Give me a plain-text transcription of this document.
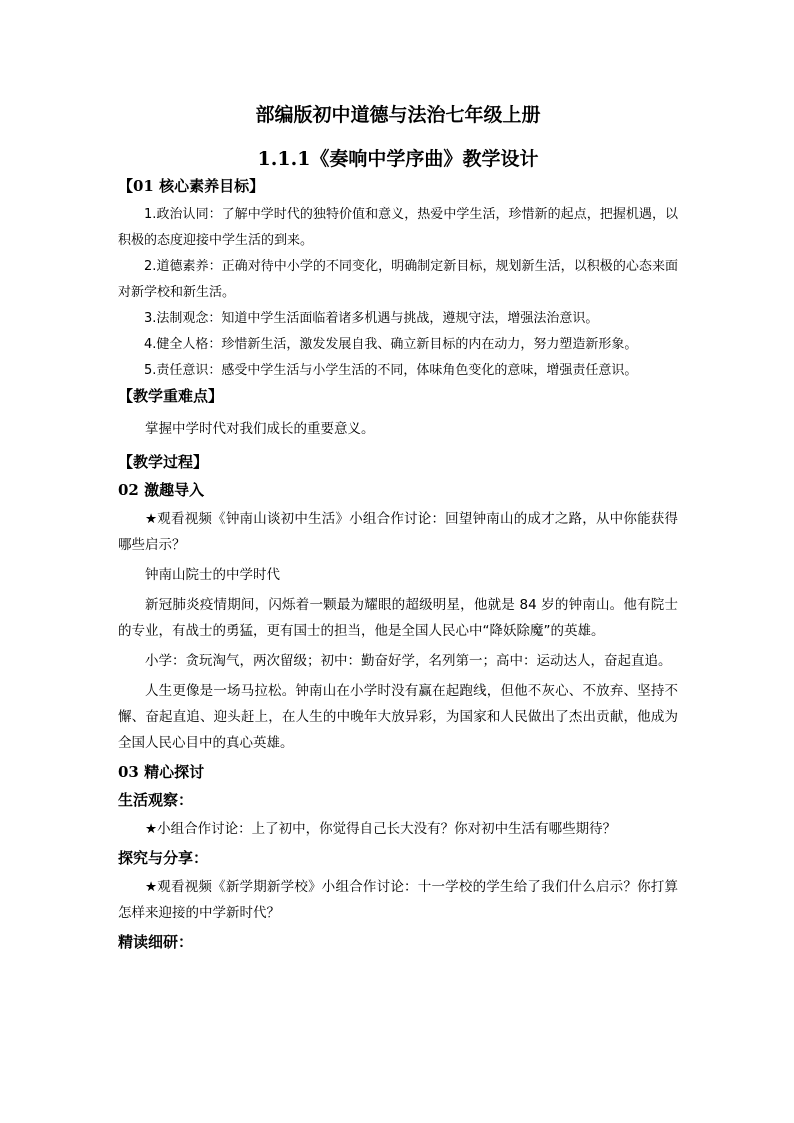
部编版初中道德与法治七年级上册

1.1.1《奏响中学序曲》教学设计

【01 核心素养目标】

1.政治认同：了解中学时代的独特价值和意义，热爱中学生活，珍惜新的起点，把握机遇，以积极的态度迎接中学生活的到来。

2.道德素养：正确对待中小学的不同变化，明确制定新目标，规划新生活，以积极的心态来面对新学校和新生活。

3.法制观念：知道中学生活面临着诸多机遇与挑战，遵规守法，增强法治意识。

4.健全人格：珍惜新生活，激发发展自我、确立新目标的内在动力，努力塑造新形象。

5.责任意识：感受中学生活与小学生活的不同，体味角色变化的意味，增强责任意识。

【教学重难点】

掌握中学时代对我们成长的重要意义。

【教学过程】

02 激趣导入

★观看视频《钟南山谈初中生活》小组合作讨论：回望钟南山的成才之路，从中你能获得哪些启示？

钟南山院士的中学时代

新冠肺炎疫情期间，闪烁着一颗最为耀眼的超级明星，他就是 84 岁的钟南山。他有院士的专业，有战士的勇猛，更有国士的担当，他是全国人民心中“降妖除魔”的英雄。

小学：贪玩淘气，两次留级；初中：勤奋好学，名列第一；高中：运动达人，奋起直追。

人生更像是一场马拉松。钟南山在小学时没有赢在起跑线，但他不灰心、不放弃、坚持不懈、奋起直追、迎头赶上，在人生的中晚年大放异彩，为国家和人民做出了杰出贡献，他成为全国人民心目中的真心英雄。

03 精心探讨

生活观察：

★小组合作讨论：上了初中，你觉得自己长大没有？你对初中生活有哪些期待？

探究与分享：

★观看视频《新学期新学校》小组合作讨论：十一学校的学生给了我们什么启示？你打算怎样来迎接的中学新时代？

精读细研：
